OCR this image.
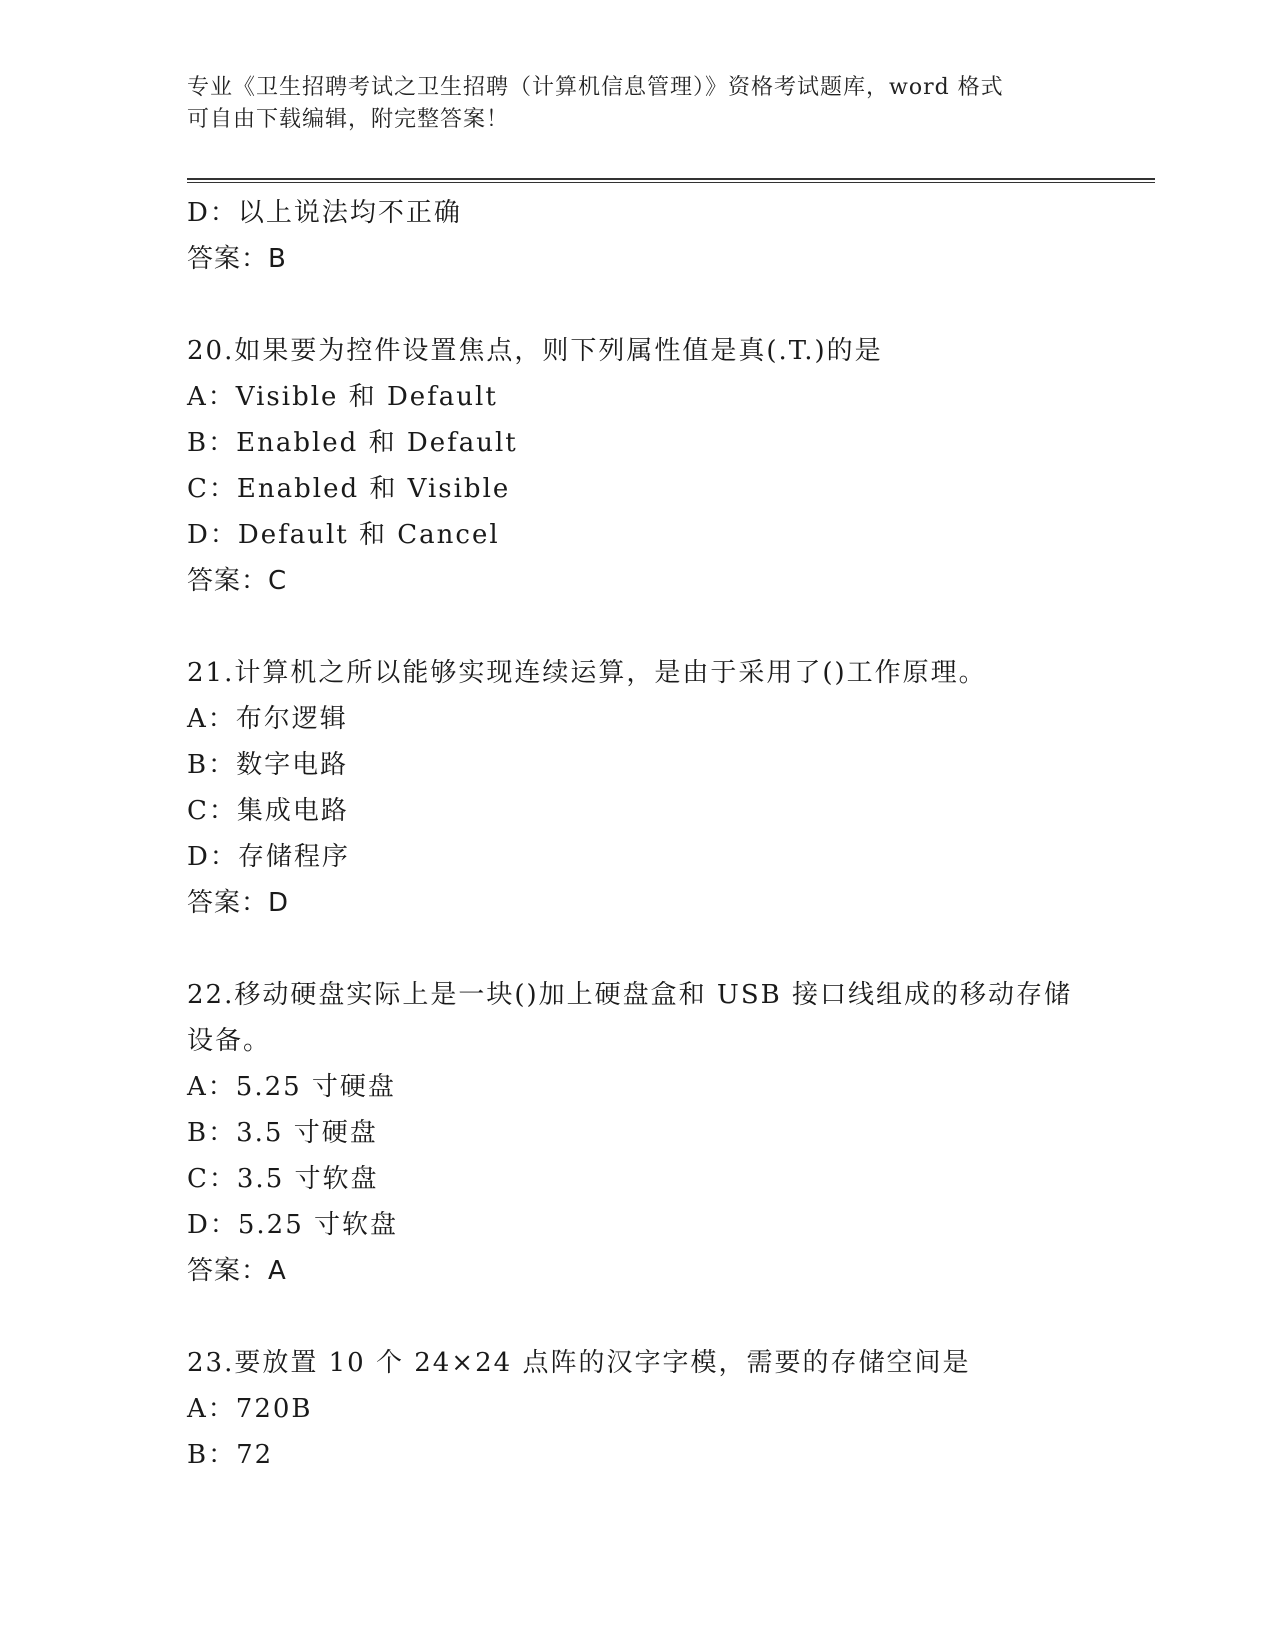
专业《卫生招聘考试之卫生招聘（计算机信息管理）》资格考试题库，word 格式
可自由下载编辑，附完整答案！
D：以上说法均不正确
答案：B
20.如果要为控件设置焦点，则下列属性值是真(.T.)的是
A：Visible 和 Default
B：Enabled 和 Default
C：Enabled 和 Visible
D：Default 和 Cancel
答案：C
21.计算机之所以能够实现连续运算，是由于采用了()工作原理。
A：布尔逻辑
B：数字电路
C：集成电路
D：存储程序
答案：D
22.移动硬盘实际上是一块()加上硬盘盒和 USB 接口线组成的移动存储
设备。
A：5.25 寸硬盘
B：3.5 寸硬盘
C：3.5 寸软盘
D：5.25 寸软盘
答案：A
23.要放置 10 个 24×24 点阵的汉字字模，需要的存储空间是
A：720B
B：72
